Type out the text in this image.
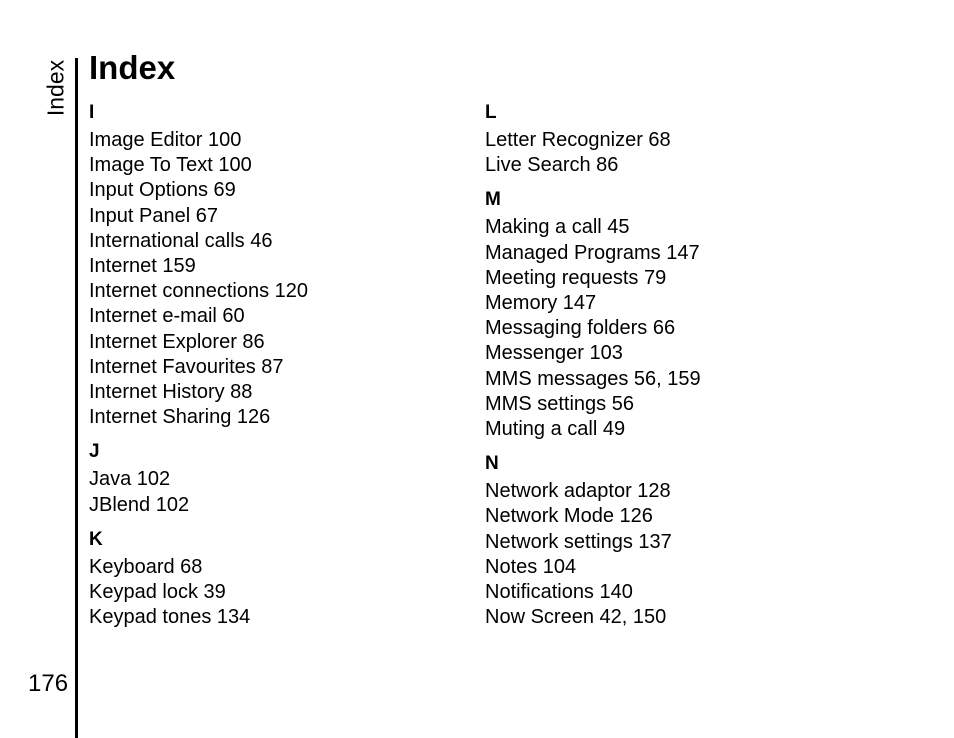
Index
176
Index
I
Image Editor 100
Image To Text 100
Input Options 69
Input Panel 67
International calls 46
Internet 159
Internet connections 120
Internet e-mail 60
Internet Explorer 86
Internet Favourites 87
Internet History 88
Internet Sharing 126
J
Java 102
JBlend 102
K
Keyboard 68
Keypad lock 39
Keypad tones 134
L
Letter Recognizer 68
Live Search 86
M
Making a call 45
Managed Programs 147
Meeting requests 79
Memory 147
Messaging folders 66
Messenger 103
MMS messages 56, 159
MMS settings 56
Muting a call 49
N
Network adaptor 128
Network Mode 126
Network settings 137
Notes 104
Notifications 140
Now Screen 42, 150
